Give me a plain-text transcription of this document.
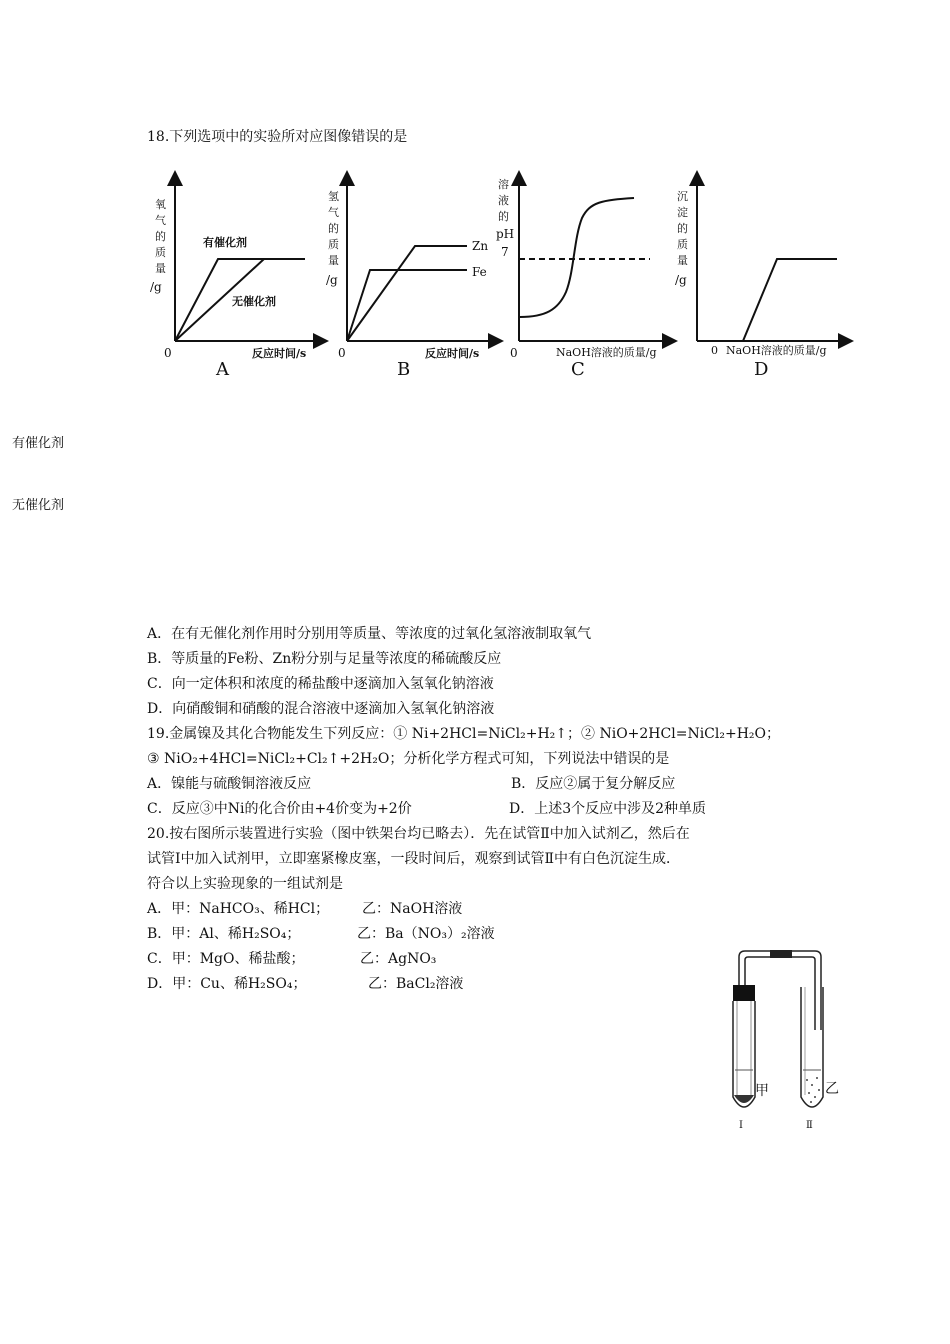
18.下列选项中的实验所对应图像错误的是
氧
气
的
质
量
/g
有催化剂
无催化剂
0	反应时间/s
A
氢
气
的
质
量
/g
Zn
Fe
0	反应时间/s
B
溶
液
的
pH
7
0	NaOH溶液的质量/g
C
沉
淀
的
质
量
/g
0 NaOH溶液的质量/g
D
有催化剂
无催化剂
A．在有无催化剂作用时分别用等质量、等浓度的过氧化氢溶液制取氧气
B．等质量的Fe粉、Zn粉分别与足量等浓度的稀硫酸反应
C．向一定体积和浓度的稀盐酸中逐滴加入氢氧化钠溶液
D．向硝酸铜和硝酸的混合溶液中逐滴加入氢氧化钠溶液
19.金属镍及其化合物能发生下列反应：① Ni+2HCl=NiCl₂+H₂↑；② NiO+2HCl=NiCl₂+H₂O；
③ NiO₂+4HCl=NiCl₂+Cl₂↑+2H₂O；分析化学方程式可知，下列说法中错误的是
A．镍能与硫酸铜溶液反应	B．反应②属于复分解反应
C．反应③中Ni的化合价由+4价变为+2价	D．上述3个反应中涉及2种单质
20.按右图所示装置进行实验（图中铁架台均已略去）．先在试管Ⅱ中加入试剂乙，然后在
试管Ⅰ中加入试剂甲，立即塞紧橡皮塞，一段时间后，观察到试管Ⅱ中有白色沉淀生成．
符合以上实验现象的一组试剂是
A．甲：NaHCO₃、稀HCl； 乙：NaOH溶液
B．甲：Al、稀H₂SO₄；	乙：Ba（NO₃）₂溶液
C．甲：MgO、稀盐酸；	乙：AgNO₃
D．甲：Cu、稀H₂SO₄；	乙：BaCl₂溶液
甲	乙
Ⅰ	Ⅱ
